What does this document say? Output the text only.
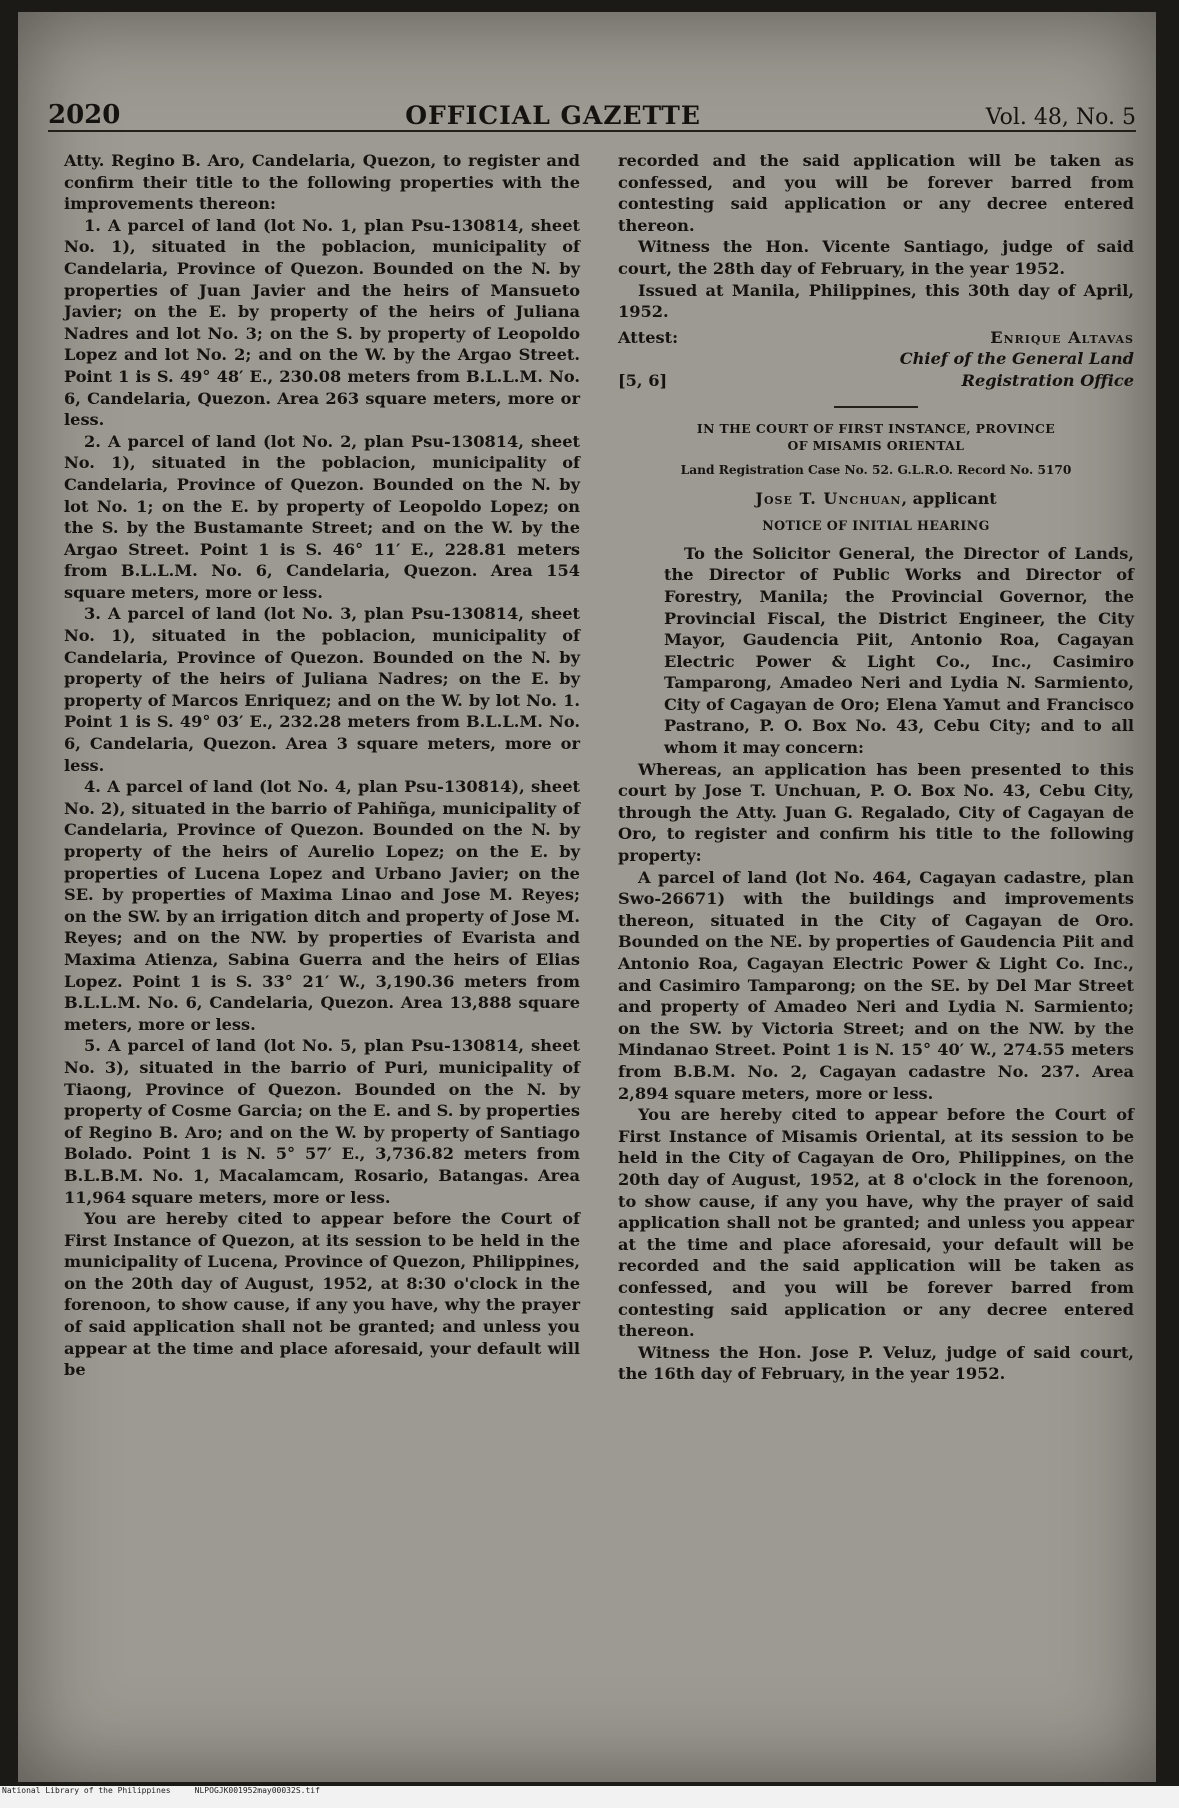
2020	OFFICIAL GAZETTE	Vol. 48, No. 5

Atty. Regino B. Aro, Candelaria, Quezon, to register and confirm their title to the following properties with the improvements thereon:

1. A parcel of land (lot No. 1, plan Psu-130814, sheet No. 1), situated in the poblacion, municipality of Candelaria, Province of Quezon. Bounded on the N. by properties of Juan Javier and the heirs of Mansueto Javier; on the E. by property of the heirs of Juliana Nadres and lot No. 3; on the S. by property of Leopoldo Lopez and lot No. 2; and on the W. by the Argao Street. Point 1 is S. 49° 48′ E., 230.08 meters from B.L.L.M. No. 6, Candelaria, Quezon. Area 263 square meters, more or less.

2. A parcel of land (lot No. 2, plan Psu-130814, sheet No. 1), situated in the poblacion, municipality of Candelaria, Province of Quezon. Bounded on the N. by lot No. 1; on the E. by property of Leopoldo Lopez; on the S. by the Bustamante Street; and on the W. by the Argao Street. Point 1 is S. 46° 11′ E., 228.81 meters from B.L.L.M. No. 6, Candelaria, Quezon. Area 154 square meters, more or less.

3. A parcel of land (lot No. 3, plan Psu-130814, sheet No. 1), situated in the poblacion, municipality of Candelaria, Province of Quezon. Bounded on the N. by property of the heirs of Juliana Nadres; on the E. by property of Marcos Enriquez; and on the W. by lot No. 1. Point 1 is S. 49° 03′ E., 232.28 meters from B.L.L.M. No. 6, Candelaria, Quezon. Area 3 square meters, more or less.

4. A parcel of land (lot No. 4, plan Psu-130814), sheet No. 2), situated in the barrio of Pahiñga, municipality of Candelaria, Province of Quezon. Bounded on the N. by property of the heirs of Aurelio Lopez; on the E. by properties of Lucena Lopez and Urbano Javier; on the SE. by properties of Maxima Linao and Jose M. Reyes; on the SW. by an irrigation ditch and property of Jose M. Reyes; and on the NW. by properties of Evarista and Maxima Atienza, Sabina Guerra and the heirs of Elias Lopez. Point 1 is S. 33° 21′ W., 3,190.36 meters from B.L.L.M. No. 6, Candelaria, Quezon. Area 13,888 square meters, more or less.

5. A parcel of land (lot No. 5, plan Psu-130814, sheet No. 3), situated in the barrio of Puri, municipality of Tiaong, Province of Quezon. Bounded on the N. by property of Cosme Garcia; on the E. and S. by properties of Regino B. Aro; and on the W. by property of Santiago Bolado. Point 1 is N. 5° 57′ E., 3,736.82 meters from B.L.B.M. No. 1, Macalamcam, Rosario, Batangas. Area 11,964 square meters, more or less.

You are hereby cited to appear before the Court of First Instance of Quezon, at its session to be held in the municipality of Lucena, Province of Quezon, Philippines, on the 20th day of August, 1952, at 8:30 o'clock in the forenoon, to show cause, if any you have, why the prayer of said application shall not be granted; and unless you appear at the time and place aforesaid, your default will be

recorded and the said application will be taken as confessed, and you will be forever barred from contesting said application or any decree entered thereon.

Witness the Hon. Vicente Santiago, judge of said court, the 28th day of February, in the year 1952.

Issued at Manila, Philippines, this 30th day of April, 1952.

Attest:
[5, 6]
Enrique Altavas
Chief of the General Land
Registration Office
IN THE COURT OF FIRST INSTANCE, PROVINCE
OF MISAMIS ORIENTAL
Land Registration Case No. 52. G.L.R.O. Record No. 5170
Jose T. Unchuan, applicant
NOTICE OF INITIAL HEARING

To the Solicitor General, the Director of Lands, the Director of Public Works and Director of Forestry, Manila; the Provincial Governor, the Provincial Fiscal, the District Engineer, the City Mayor, Gaudencia Piit, Antonio Roa, Cagayan Electric Power & Light Co., Inc., Casimiro Tamparong, Amadeo Neri and Lydia N. Sarmiento, City of Cagayan de Oro; Elena Yamut and Francisco Pastrano, P. O. Box No. 43, Cebu City; and to all whom it may concern:

Whereas, an application has been presented to this court by Jose T. Unchuan, P. O. Box No. 43, Cebu City, through the Atty. Juan G. Regalado, City of Cagayan de Oro, to register and confirm his title to the following property:

A parcel of land (lot No. 464, Cagayan cadastre, plan Swo-26671) with the buildings and improvements thereon, situated in the City of Cagayan de Oro. Bounded on the NE. by properties of Gaudencia Piit and Antonio Roa, Cagayan Electric Power & Light Co. Inc., and Casimiro Tamparong; on the SE. by Del Mar Street and property of Amadeo Neri and Lydia N. Sarmiento; on the SW. by Victoria Street; and on the NW. by the Mindanao Street. Point 1 is N. 15° 40′ W., 274.55 meters from B.B.M. No. 2, Cagayan cadastre No. 237. Area 2,894 square meters, more or less.

You are hereby cited to appear before the Court of First Instance of Misamis Oriental, at its session to be held in the City of Cagayan de Oro, Philippines, on the 20th day of August, 1952, at 8 o'clock in the forenoon, to show cause, if any you have, why the prayer of said application shall not be granted; and unless you appear at the time and place aforesaid, your default will be recorded and the said application will be taken as confessed, and you will be forever barred from contesting said application or any decree entered thereon.

Witness the Hon. Jose P. Veluz, judge of said court, the 16th day of February, in the year 1952.

National Library of the Philippines	NLPOGJK001952may00032S.tif
